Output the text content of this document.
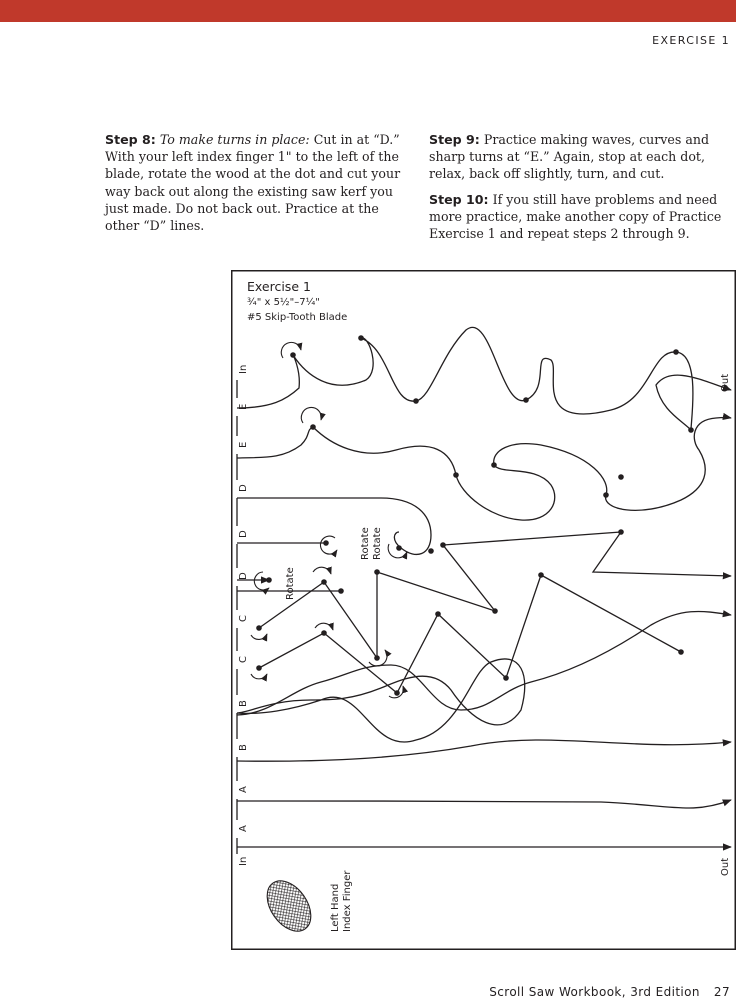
EXERCISE 1

Step 8: To make turns in place: Cut in at “D.” With your left index finger 1" to the left of the blade, rotate the wood at the dot and cut your way back out along the existing saw kerf you just made. Do not back out. Practice at the other “D” lines.

Step 9: Practice making waves, curves and sharp turns at “E.” Again, stop at each dot, relax, back off slightly, turn, and cut.

Step 10: If you still have problems and need more practice, make another copy of Practice Exercise 1 and repeat steps 2 through 9.

Exercise 1
¾" x 5½"–7¼"
#5 Skip-Tooth Blade
In
E
E
D
D
D
C
C
B
B
A
A
In
Rotate Rotate
Rotate
Out
Out
Left Hand Index Finger
Scroll Saw Workbook, 3rd Edition 27
